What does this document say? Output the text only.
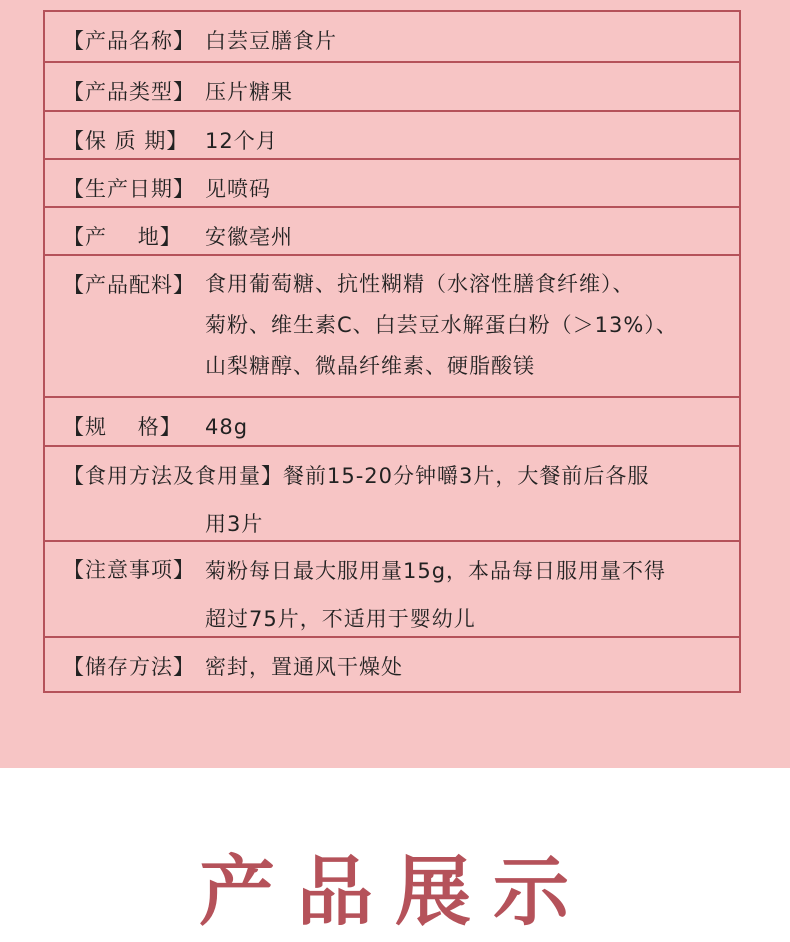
【产品名称】 白芸豆膳食片
【产品类型】 压片糖果
【保 质 期】 12个月
【生产日期】 见喷码
【产    地】 安徽亳州
【产品配料】 食用葡萄糖、抗性糊精（水溶性膳食纤维）、
菊粉、维生素C、白芸豆水解蛋白粉（＞13%）、
山梨糖醇、微晶纤维素、硬脂酸镁
【规    格】 48g
【食用方法及食用量】餐前15-20分钟嚼3片，大餐前后各服
用3片
【注意事项】 菊粉每日最大服用量15g，本品每日服用量不得
超过75片，不适用于婴幼儿
【储存方法】 密封，置通风干燥处
产品展示
